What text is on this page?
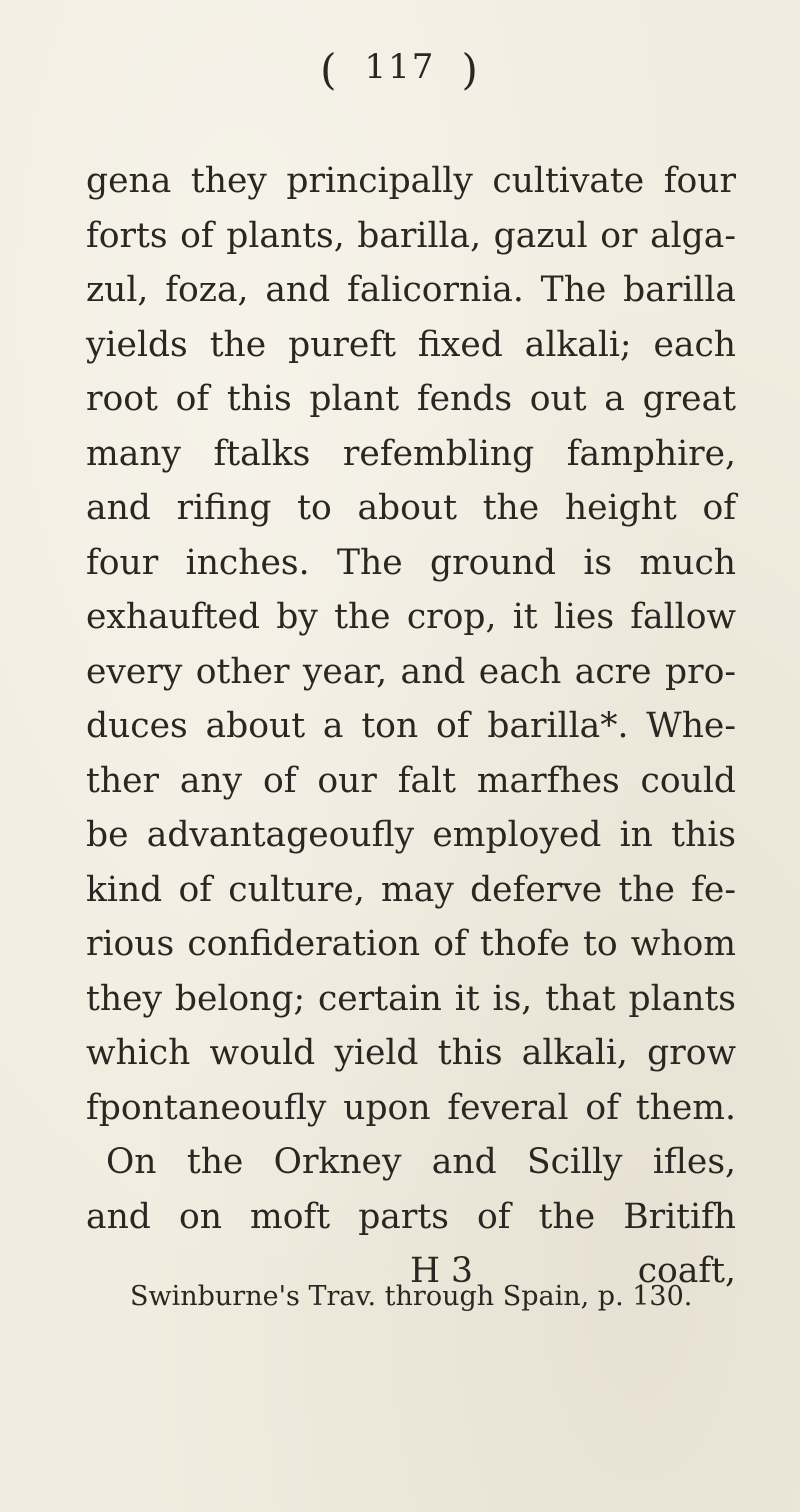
( 117 )
gena they principally cultivate four
forts of plants, barilla, gazul or alga-
zul, foza, and falicornia. The barilla
yields the pureft fixed alkali; each
root of this plant fends out a great
many ftalks refembling famphire,
and rifing to about the height of
four inches. The ground is much
exhaufted by the crop, it lies fallow
every other year, and each acre pro-
duces about a ton of barilla*. Whe-
ther any of our falt marfhes could
be advantageoufly employed in this
kind of culture, may deferve the fe-
rious confideration of thofe to whom
they belong; certain it is, that plants
which would yield this alkali, grow
fpontaneoufly upon feveral of them.
On the Orkney and Scilly ifles,
and on moft parts of the Britifh
H 3	coaft,
Swinburne's Trav. through Spain, p. 130.
